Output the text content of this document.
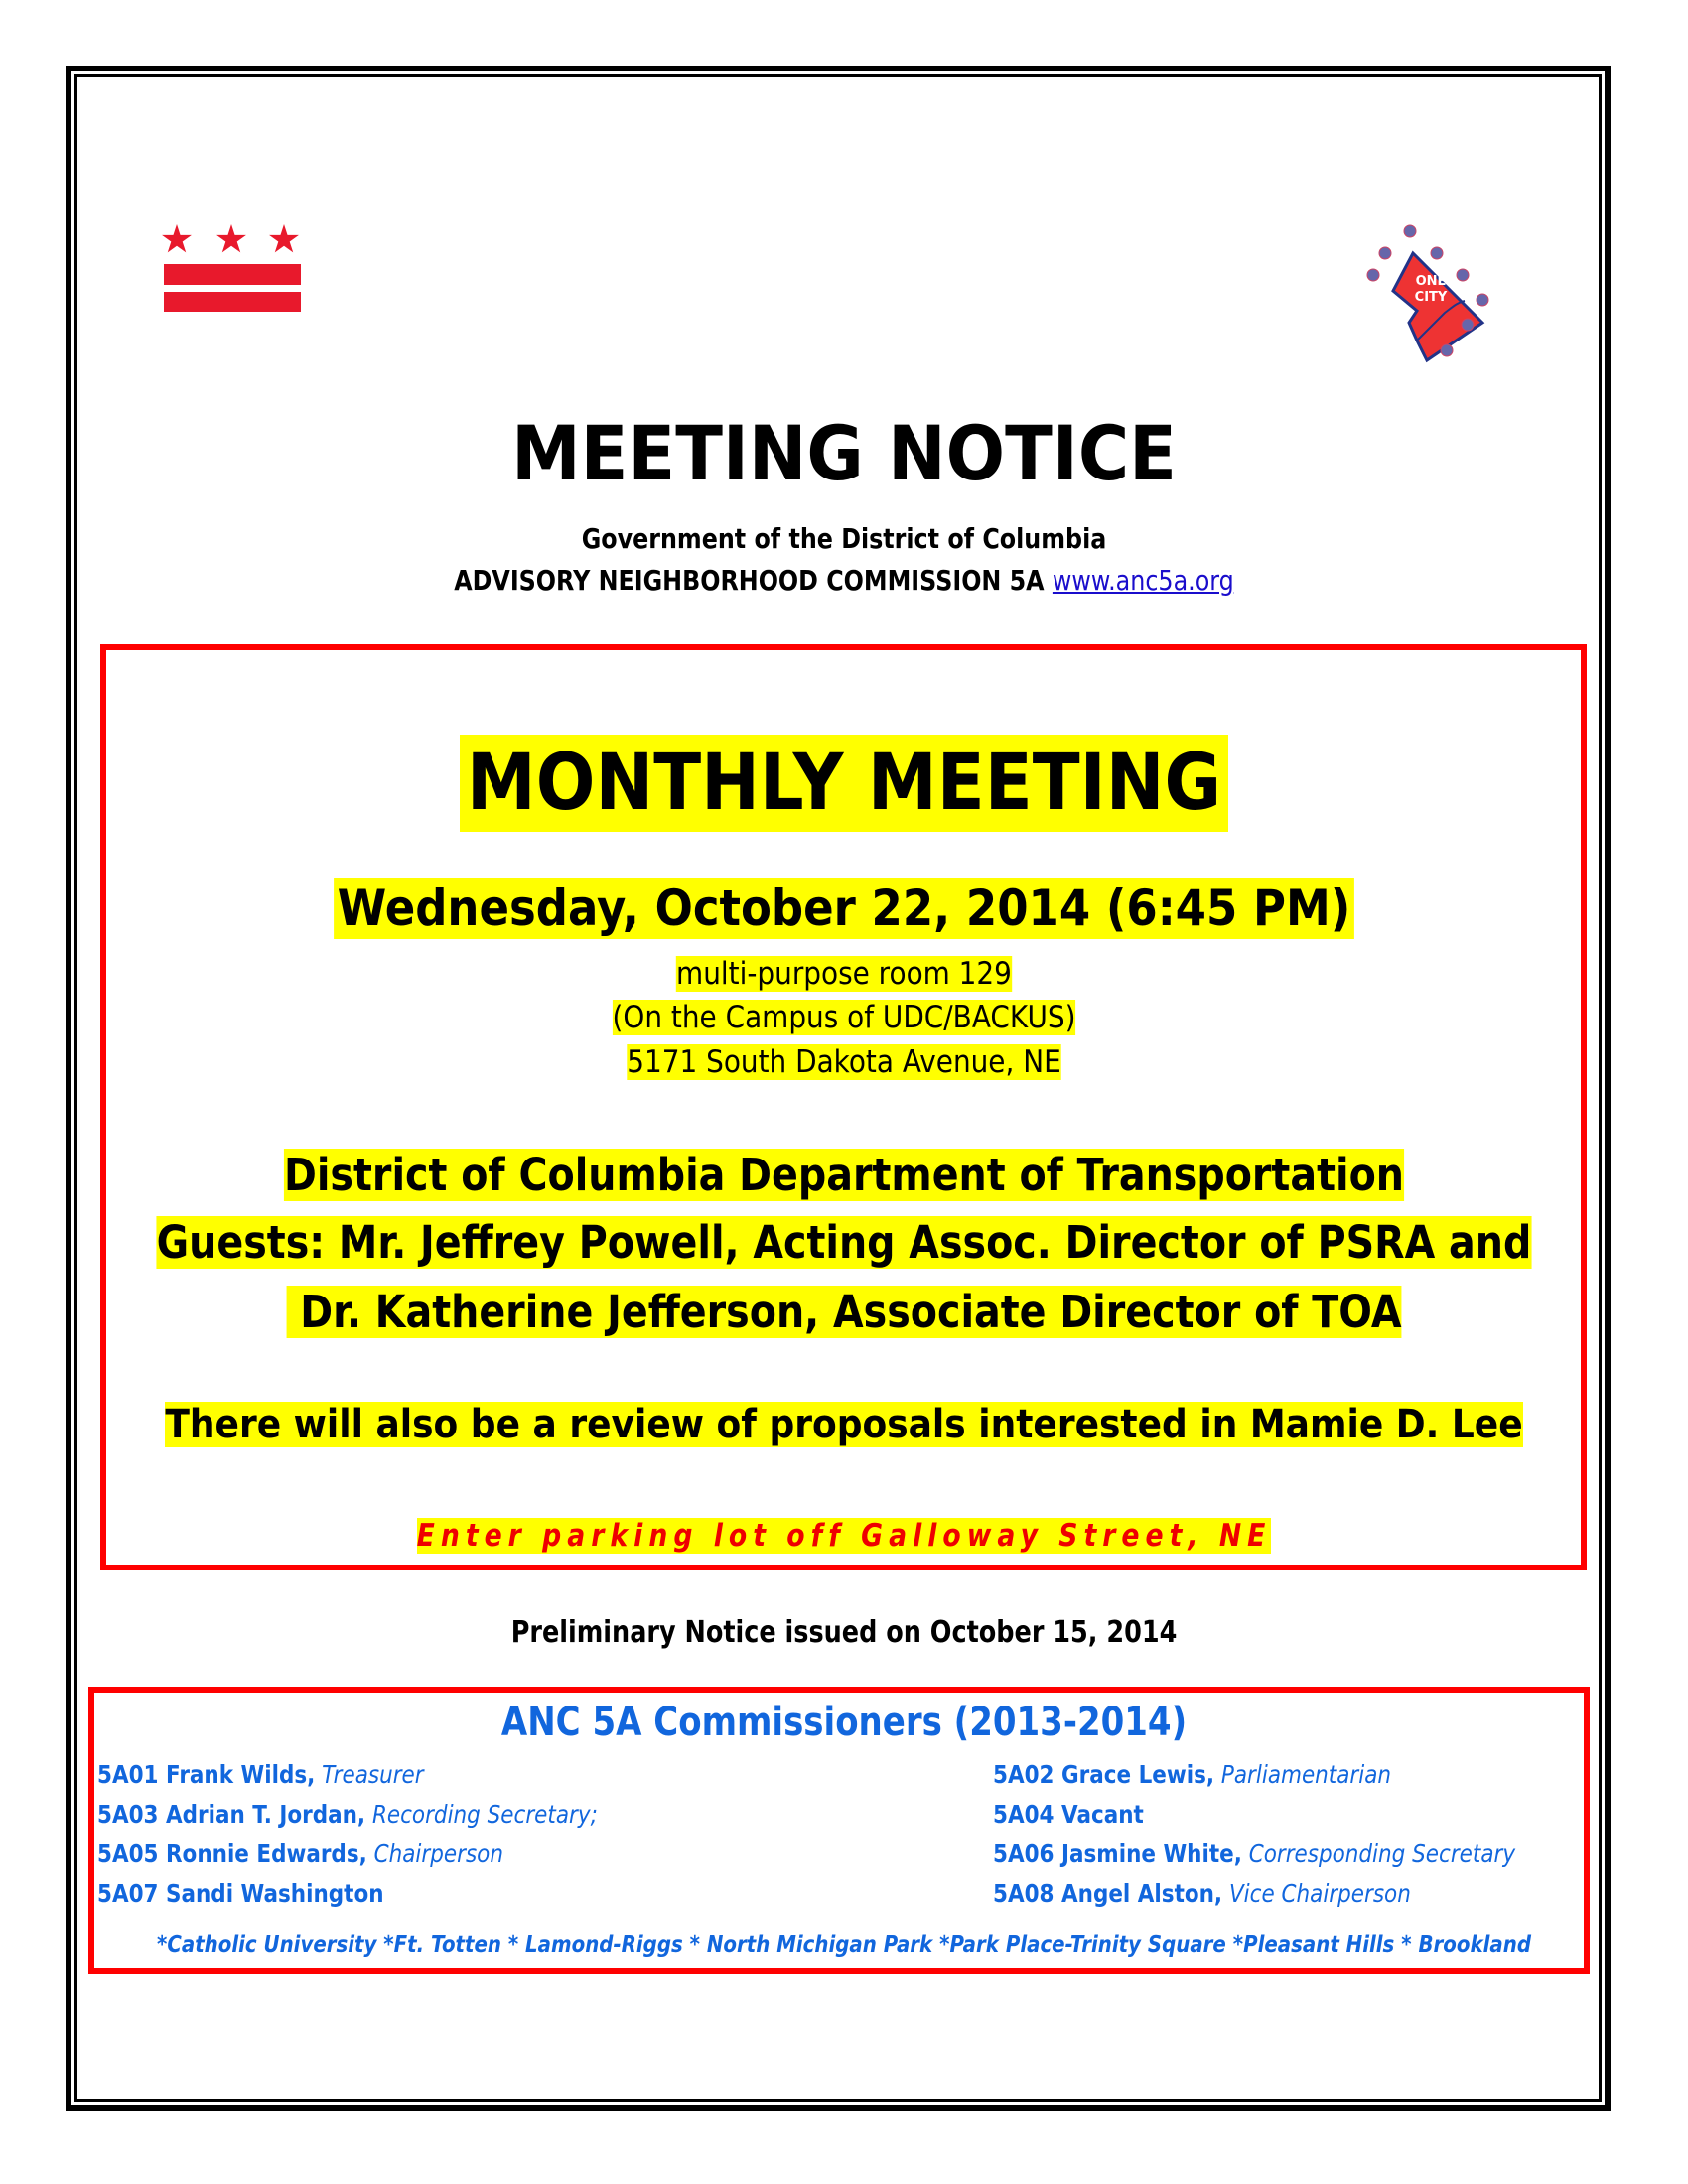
ONE
CITY
MEETING NOTICE
Government of the District of Columbia
ADVISORY NEIGHBORHOOD COMMISSION 5A www.anc5a.org
MONTHLY MEETING
Wednesday, October 22, 2014 (6:45 PM)
multi-purpose room 129
(On the Campus of UDC/BACKUS)
5171 South Dakota Avenue, NE
District of Columbia Department of Transportation
Guests: Mr. Jeffrey Powell, Acting Assoc. Director of PSRA and
Dr. Katherine Jefferson, Associate Director of TOA
There will also be a review of proposals interested in Mamie D. Lee
Enter parking lot off Galloway Street, NE
Preliminary Notice issued on October 15, 2014
ANC 5A Commissioners (2013-2014)
5A01 Frank Wilds, Treasurer
5A03 Adrian T. Jordan, Recording Secretary;
5A05 Ronnie Edwards, Chairperson
5A07 Sandi Washington
5A02 Grace Lewis, Parliamentarian
5A04 Vacant
5A06 Jasmine White, Corresponding Secretary
5A08 Angel Alston, Vice Chairperson
*Catholic University *Ft. Totten * Lamond-Riggs * North Michigan Park *Park Place-Trinity Square *Pleasant Hills * Brookland
